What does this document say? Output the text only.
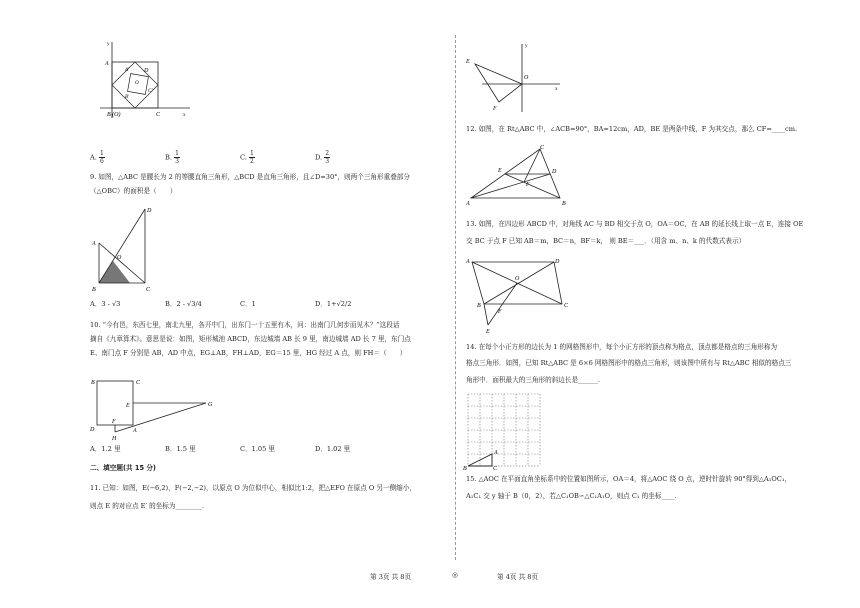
y
A
A′ D
O
C′
B′
B (O)	C	x
A. $\frac{1}{6}$	B. $\frac{1}{3}$	C. $\frac{1}{2}$	D. $\frac{2}{3}$
9. 如图，△ABC 是腰长为 2 的等腰直角三角形，△BCD 是直角三角形，且∠D=30°，则两个三角形重叠部分
（△OBC）的面积是（　　）
D
A
O
B	C
A．3 - √3	B．2 - √3/4	C．1	D．1+√2/2
10. “今有邑，东西七里，南北九里，各开中门，出东门一十五里有木，问：出南门几何步而见木？”这段话
摘自《九章算术》。意思是说：如图，矩形城池 ABCD，东边城墙 AB 长 9 里，南边城墙 AD 长 7 里，东门点
E、南门点 F 分别是 AB，AD 中点，EG⊥AB，FH⊥AD，EG＝15 里，HG 经过 A 点，则 FH＝（　　）
B	C
E	G
F
D	A
H
A．1.2 里	B．1.5 里	C．1.05 里	D．1.02 里
二、填空题(共 15 分)
11. 已知：如图，E(−6,2)，F(−2,−2)，以原点 O 为位似中心，相似比1:2，把△EFO 在原点 O 另一侧缩小，
则点 E 的对应点 E′ 的坐标为________.
y
E
O
x
F
12. 如图，在 Rt△ABC 中，∠ACB=90°，BA=12cm，AD，BE 是两条中线，F 为其交点，那么 CF=____cm.
C
E	D
F
A	B
13. 如图，在四边形 ABCD 中，对角线 AC 与 BD 相交于点 O，OA＝OC，在 AB 的延长线上取一点 E，连接 OE
交 BC 于点 F 已知 AB＝m，BC＝n，BF＝k， 则 BE＝___．（用含 m、n、k 的代数式表示）
A	D
O
B
F
C
E
14. 在每个小正方形的边长为 1 的网格图形中，每个小正方形的顶点称为格点，顶点都是格点的三角形称为
格点三角形．如图，已知 Rt△ABC 是 6×6 网格图形中的格点三角形，则该图中所有与 Rt△ABC 相似的格点三
角形中．面积最大的三角形的斜边长是______.
A
B	C
15. △AOC 在平面直角坐标系中的位置如图所示，OA＝4，将△AOC 绕 O 点，逆时针旋转 90°得到△A₁OC₁，
A₁C₁ 交 y 轴于 B（0，2），若△C₁OB∽△C₁A₁O，则点 C₁ 的坐标____.
第 3页 共 8页	◎	第 4页 共 8页
